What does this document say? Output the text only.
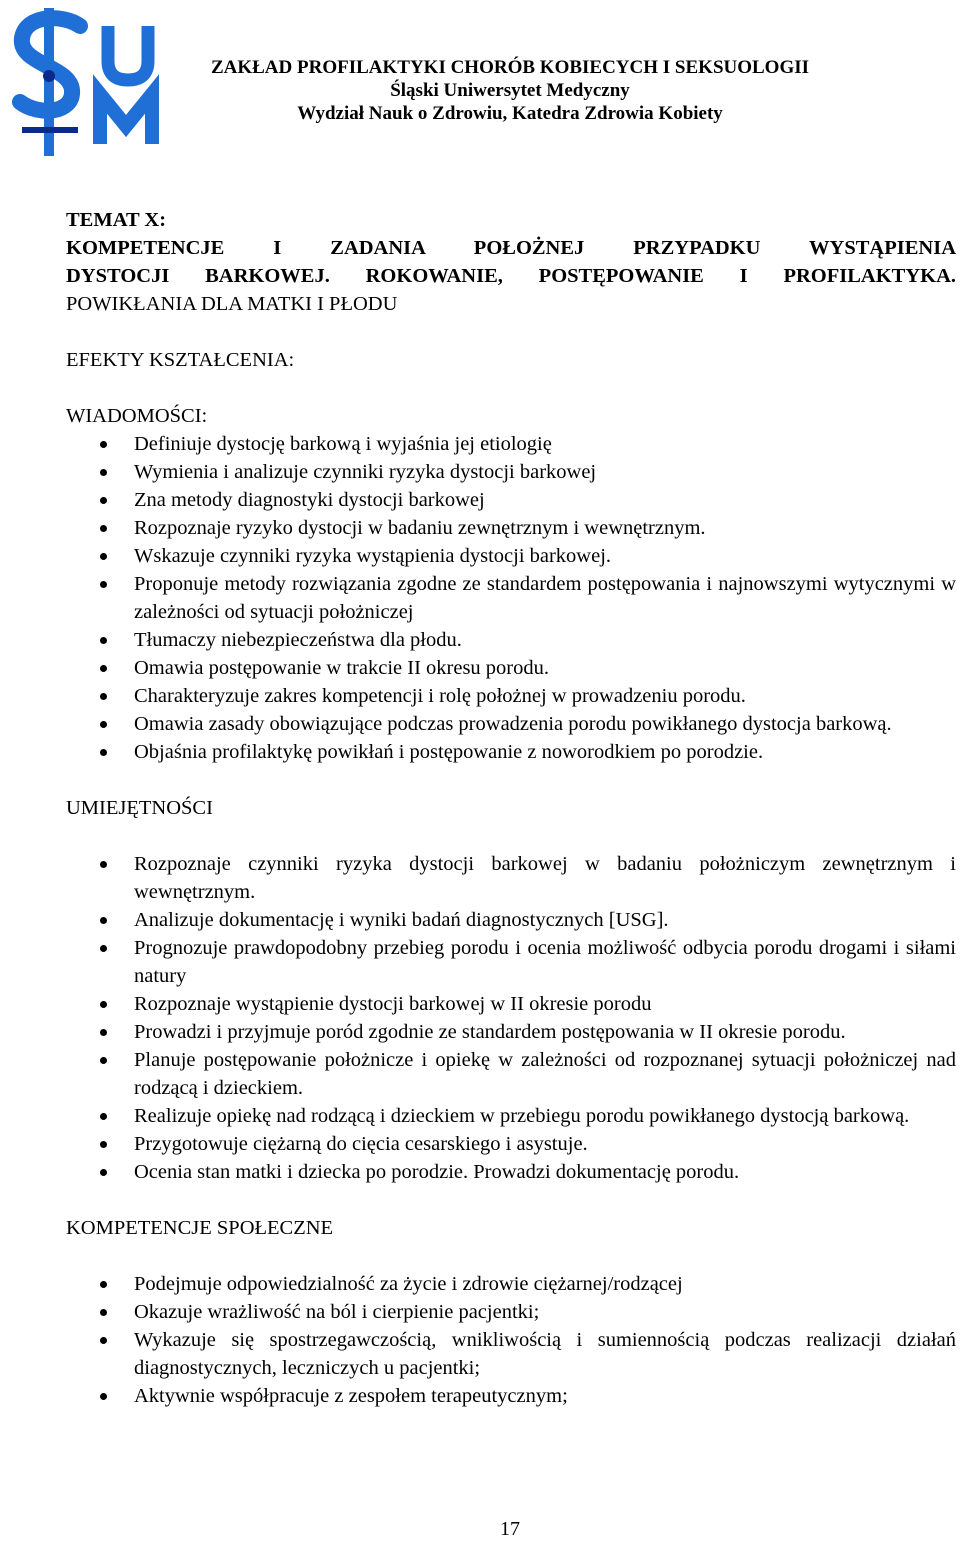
ZAKŁAD PROFILAKTYKI CHORÓB KOBIECYCH I SEKSUOLOGII
Śląski Uniwersytet Medyczny
Wydział Nauk o Zdrowiu, Katedra Zdrowia Kobiety
TEMAT X:
KOMPETENCJE I ZADANIA POŁOŻNEJ PRZYPADKU WYSTĄPIENIA
DYSTOCJI BARKOWEJ. ROKOWANIE, POSTĘPOWANIE I PROFILAKTYKA.
POWIKŁANIA DLA MATKI I PŁODU

EFEKTY KSZTAŁCENIA:

WIADOMOŚCI:

Definiuje dystocję barkową i wyjaśnia jej etiologię
Wymienia i analizuje czynniki ryzyka dystocji barkowej
Zna metody diagnostyki dystocji barkowej
Rozpoznaje ryzyko dystocji w badaniu zewnętrznym i wewnętrznym.
Wskazuje czynniki ryzyka wystąpienia dystocji barkowej.
Proponuje metody rozwiązania zgodne ze standardem postępowania i najnowszymi wytycznymi w zależności od sytuacji położniczej
Tłumaczy niebezpieczeństwa dla płodu.
Omawia postępowanie w trakcie II okresu porodu.
Charakteryzuje zakres kompetencji i rolę położnej w prowadzeniu porodu.
Omawia zasady obowiązujące podczas prowadzenia porodu powikłanego dystocja barkową.
Objaśnia profilaktykę powikłań i postępowanie z noworodkiem po porodzie.

UMIEJĘTNOŚCI

Rozpoznaje czynniki ryzyka dystocji barkowej w badaniu położniczym zewnętrznym i wewnętrznym.
Analizuje dokumentację i wyniki badań diagnostycznych [USG].
Prognozuje prawdopodobny przebieg porodu i ocenia możliwość odbycia porodu drogami i siłami natury
Rozpoznaje wystąpienie dystocji barkowej w II okresie porodu
Prowadzi i przyjmuje poród zgodnie ze standardem postępowania w II okresie porodu.
Planuje postępowanie położnicze i opiekę w zależności od rozpoznanej sytuacji położniczej nad rodzącą i dzieckiem.
Realizuje opiekę nad rodzącą i dzieckiem w przebiegu porodu powikłanego dystocją barkową.
Przygotowuje ciężarną do cięcia cesarskiego i asystuje.
Ocenia stan matki i dziecka po porodzie. Prowadzi dokumentację porodu.

KOMPETENCJE SPOŁECZNE

Podejmuje odpowiedzialność za życie i zdrowie ciężarnej/rodzącej
Okazuje wrażliwość na ból i cierpienie pacjentki;
Wykazuje się spostrzegawczością, wnikliwością i sumiennością podczas realizacji działań diagnostycznych, leczniczych u pacjentki;
Aktywnie współpracuje z zespołem terapeutycznym;
17
